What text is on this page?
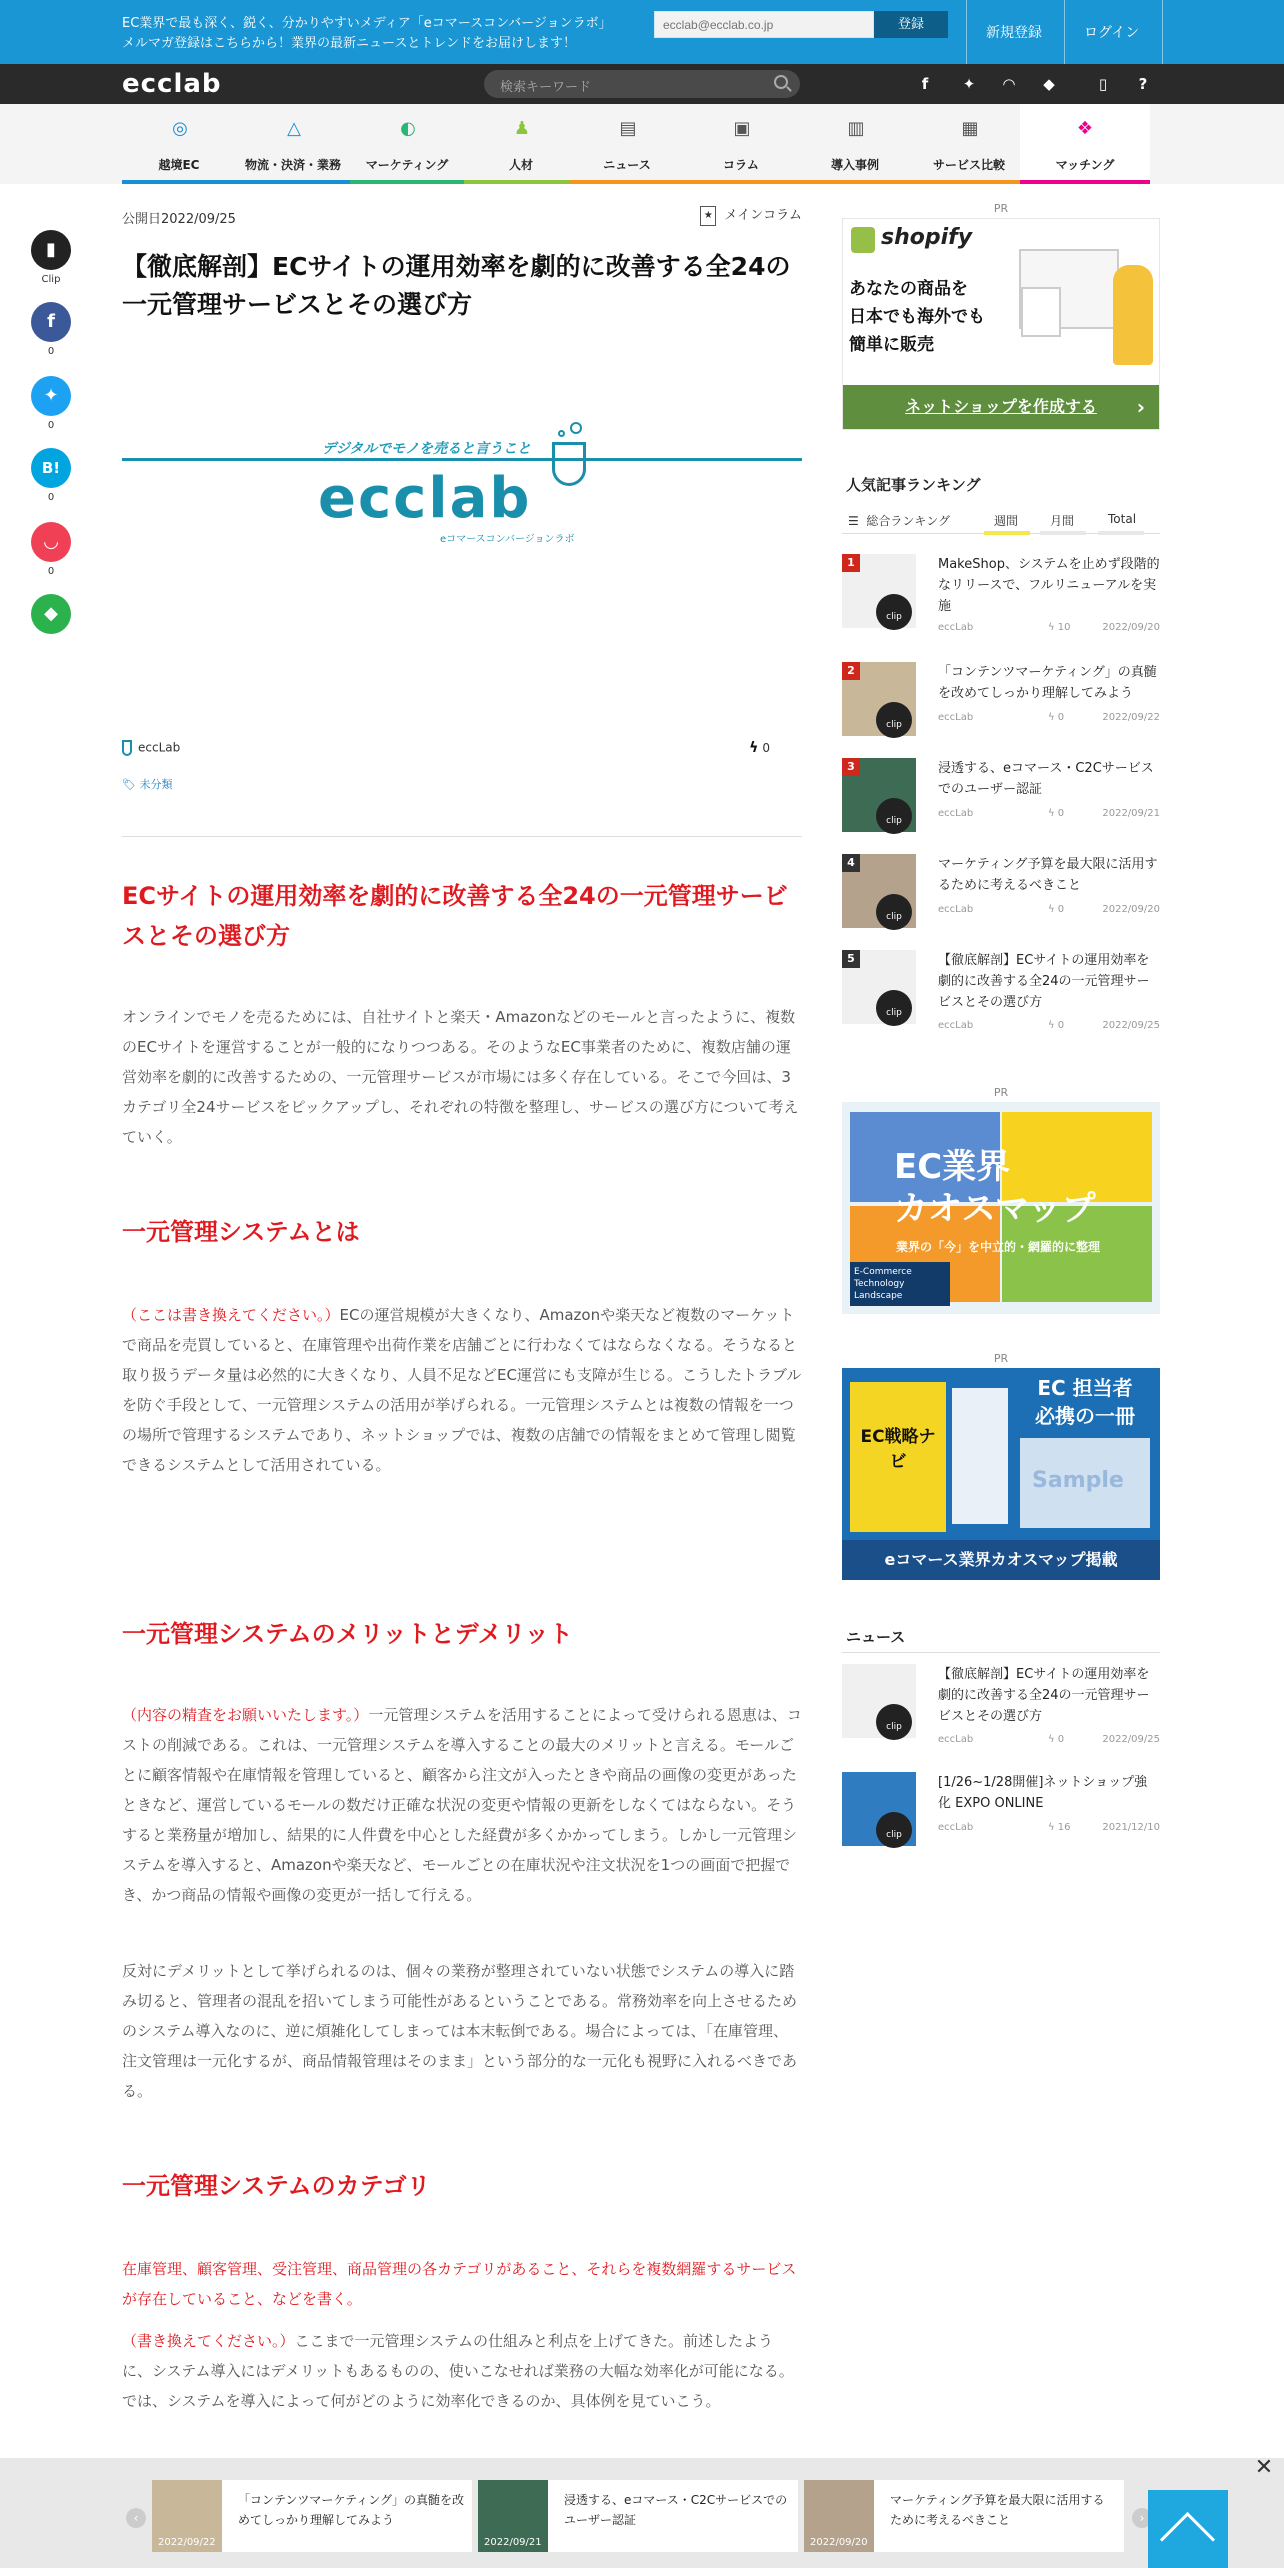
EC業界で最も深く、鋭く、分かりやすいメディア「eコマースコンバージョンラボ」
メルマガ登録はこちらから！業界の最新ニュースとトレンドをお届けします！
ecclab@ecclab.co.jp
登録
新規登録	ログイン
ecclab	検索キーワード	f	✦	◠	◆	▯	?
◎
越境EC
△
物流・決済・業務
◐
マーケティング
♟
人材
▤
ニュース
▣
コラム
▥
導入事例
▦
サービス比較
❖
マッチング
▮
Clip
f
0
✦
0
B!
0
◡
0
◆
公開日2022/09/25	★ メインコラム
【徹底解剖】ECサイトの運用効率を劇的に改善する全24の一元管理サービスとその選び方
デジタルでモノを売ると言うこと
ecclab
eコマースコンバージョンラボ
eccLab	ϟ 0
🏷 未分類
ECサイトの運用効率を劇的に改善する全24の一元管理サービスとその選び方

オンラインでモノを売るためには、自社サイトと楽天・Amazonなどのモールと言ったように、複数のECサイトを運営することが一般的になりつつある。そのようなEC事業者のために、複数店舗の運営効率を劇的に改善するための、一元管理サービスが市場には多く存在している。そこで今回は、3カテゴリ全24サービスをピックアップし、それぞれの特徴を整理し、サービスの選び方について考えていく。

一元管理システムとは

（ここは書き換えてください。）ECの運営規模が大きくなり、Amazonや楽天など複数のマーケットで商品を売買していると、在庫管理や出荷作業を店舗ごとに行わなくてはならなくなる。そうなると取り扱うデータ量は必然的に大きくなり、人員不足などEC運営にも支障が生じる。こうしたトラブルを防ぐ手段として、一元管理システムの活用が挙げられる。一元管理システムとは複数の情報を一つの場所で管理するシステムであり、ネットショップでは、複数の店舗での情報をまとめて管理し閲覧できるシステムとして活用されている。

一元管理システムのメリットとデメリット

（内容の精査をお願いいたします。）一元管理システムを活用することによって受けられる恩恵は、コストの削減である。これは、一元管理システムを導入することの最大のメリットと言える。モールごとに顧客情報や在庫情報を管理していると、顧客から注文が入ったときや商品の画像の変更があったときなど、運営しているモールの数だけ正確な状況の変更や情報の更新をしなくてはならない。そうすると業務量が増加し、結果的に人件費を中心とした経費が多くかかってしまう。しかし一元管理システムを導入すると、Amazonや楽天など、モールごとの在庫状況や注文状況を1つの画面で把握でき、かつ商品の情報や画像の変更が一括して行える。

反対にデメリットとして挙げられるのは、個々の業務が整理されていない状態でシステムの導入に踏み切ると、管理者の混乱を招いてしまう可能性があるということである。常務効率を向上させるためのシステム導入なのに、逆に煩雑化してしまっては本末転倒である。場合によっては、「在庫管理、注文管理は一元化するが、商品情報管理はそのまま」という部分的な一元化も視野に入れるべきである。

一元管理システムのカテゴリ

在庫管理、顧客管理、受注管理、商品管理の各カテゴリがあること、それらを複数網羅するサービスが存在していること、などを書く。

（書き換えてください。）ここまで一元管理システムの仕組みと利点を上げてきた。前述したように、システム導入にはデメリットもあるものの、使いこなせれば業務の大幅な効率化が可能になる。では、システムを導入によって何がどのように効率化できるのか、具体例を見ていこう。

PR
shopify
あなたの商品を
日本でも海外でも
簡単に販売
ネットショップを作成する	›
人気記事ランキング
☰ 総合ランキング	週間	月間	Total
1
clip
MakeShop、システムを止めず段階的なリリースで、フルリニューアルを実施
eccLab	ϟ 10	2022/09/20
2
clip
「コンテンツマーケティング」の真髄を改めてしっかり理解してみよう
eccLab	ϟ 0	2022/09/22
3
clip
浸透する、eコマース・C2Cサービスでのユーザー認証
eccLab	ϟ 0	2022/09/21
4
clip
マーケティング予算を最大限に活用するために考えるべきこと
eccLab	ϟ 0	2022/09/20
5
clip
【徹底解剖】ECサイトの運用効率を劇的に改善する全24の一元管理サービスとその選び方
eccLab	ϟ 0	2022/09/25
PR
EC業界
カオスマップ
業界の「今」を中立的・網羅的に整理
E-Commerce
Technology
Landscape
PR
EC 担当者
必携の一冊
EC戦略ナビ
Sample
eコマース業界カオスマップ掲載
ニュース
clip
【徹底解剖】ECサイトの運用効率を劇的に改善する全24の一元管理サービスとその選び方
eccLab	ϟ 0	2022/09/25
clip
[1/26~1/28開催]ネットショップ強化 EXPO ONLINE
eccLab	ϟ 16	2021/12/10
‹
2022/09/22
「コンテンツマーケティング」の真髄を改めてしっかり理解してみよう
2022/09/21
浸透する、eコマース・C2Cサービスでのユーザー認証
2022/09/20
マーケティング予算を最大限に活用するために考えるべきこと	›
✕
